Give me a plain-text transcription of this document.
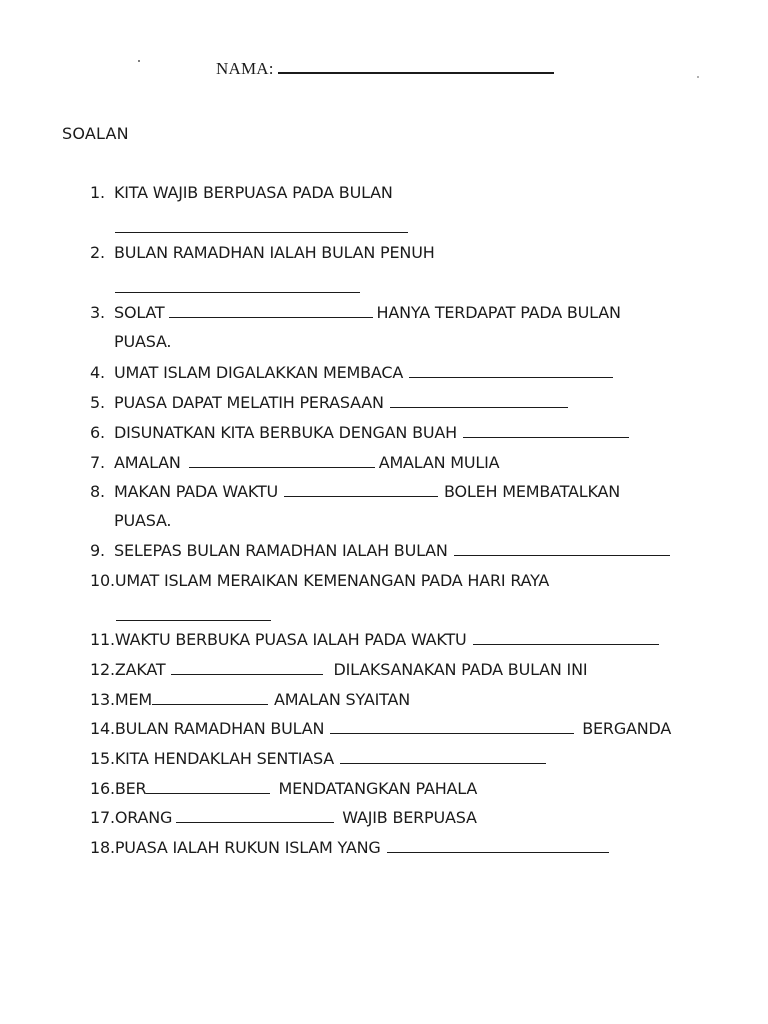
NAMA:
SOALAN
1. KITA WAJIB BERPUASA PADA BULAN
2. BULAN RAMADHAN IALAH BULAN PENUH
3. SOLAT	HANYA TERDAPAT PADA BULAN
PUASA.
4. UMAT ISLAM DIGALAKKAN MEMBACA
5. PUASA DAPAT MELATIH PERASAAN
6. DISUNATKAN KITA BERBUKA DENGAN BUAH
7. AMALAN	AMALAN MULIA
8. MAKAN PADA WAKTU	BOLEH MEMBATALKAN
PUASA.
9. SELEPAS BULAN RAMADHAN IALAH BULAN
10.UMAT ISLAM MERAIKAN KEMENANGAN PADA HARI RAYA
11.WAKTU BERBUKA PUASA IALAH PADA WAKTU
12.ZAKAT	DILAKSANAKAN PADA BULAN INI
13.MEM	AMALAN SYAITAN
14.BULAN RAMADHAN BULAN	BERGANDA
15.KITA HENDAKLAH SENTIASA
16.BER	MENDATANGKAN PAHALA
17.ORANG	WAJIB BERPUASA
18.PUASA IALAH RUKUN ISLAM YANG
